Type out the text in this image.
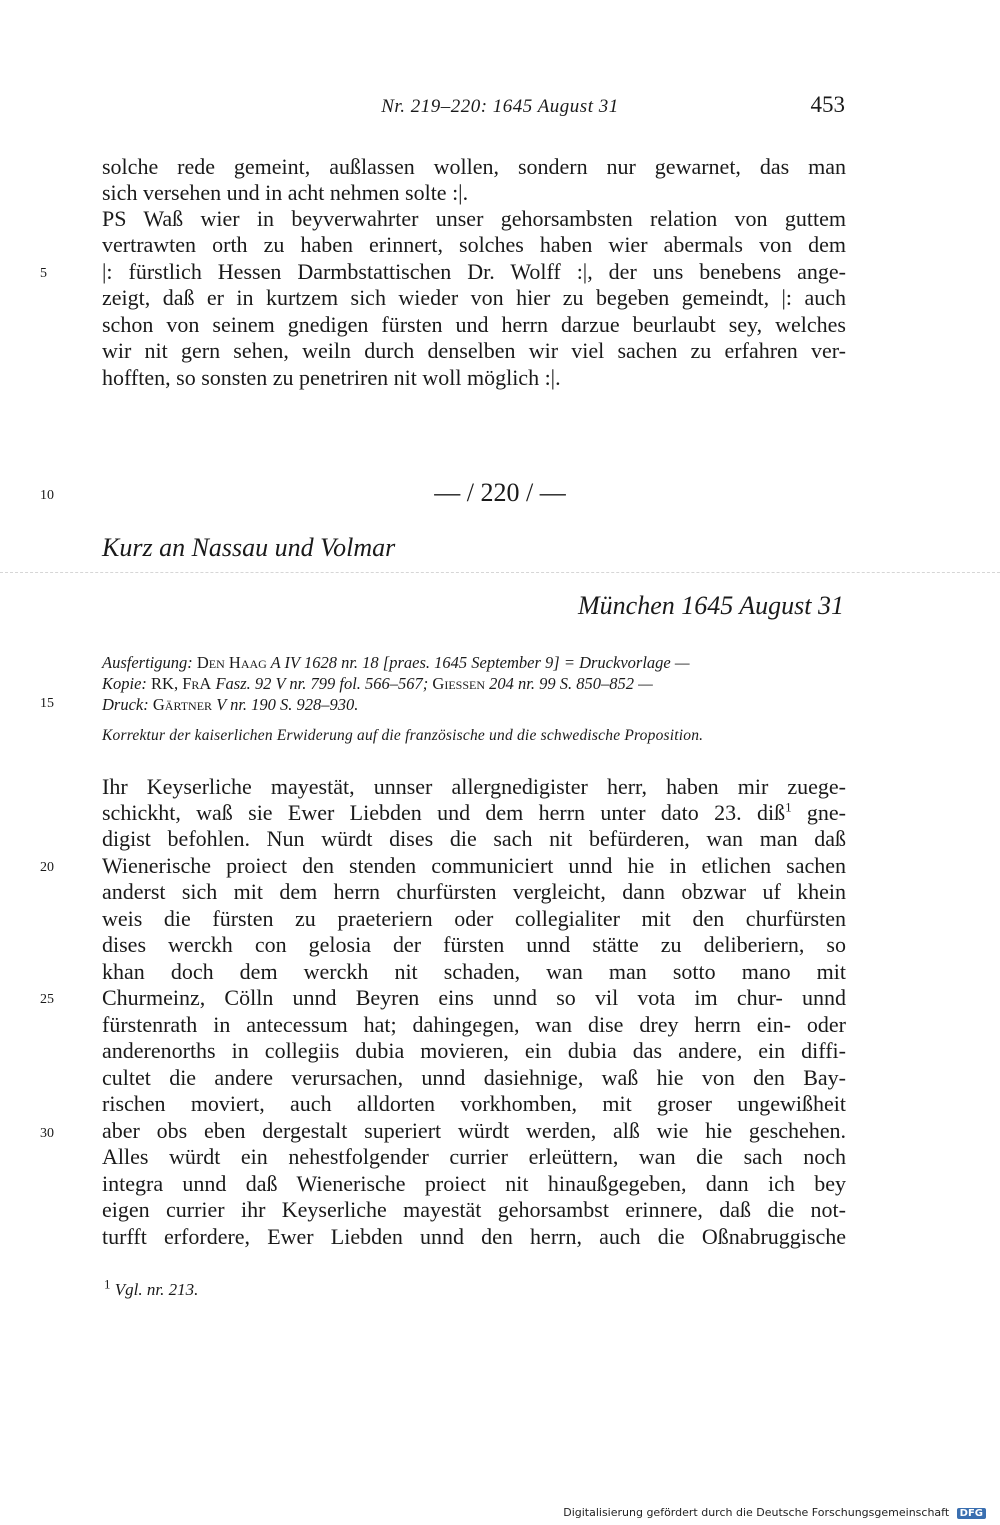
Nr. 219–220: 1645 August 31	453
solche rede gemeint, außlassen wollen, sondern nur gewarnet, das man
sich versehen und in acht nehmen solte :|.
PS Waß wier in beyverwahrter unser gehorsambsten relation von guttem
vertrawten orth zu haben erinnert, solches haben wier abermals von dem
|: fürstlich Hessen Darmbstattischen Dr. Wolff :|, der uns benebens ange-
zeigt, daß er in kurtzem sich wieder von hier zu begeben gemeindt, |: auch
schon von seinem gnedigen fürsten und herrn darzue beurlaubt sey, welches
wir nit gern sehen, weiln durch denselben wir viel sachen zu erfahren ver-
hofften, so sonsten zu penetriren nit woll möglich :|.
5
10
15
20
25
30
— / 220 / —
Kurz an Nassau und Volmar
München 1645 August 31
Ausfertigung: Den Haag A IV 1628 nr. 18 [praes. 1645 September 9] = Druckvorlage —
Kopie: RK, FrA Fasz. 92 V nr. 799 fol. 566–567; Giessen 204 nr. 99 S. 850–852 —
Druck: Gärtner V nr. 190 S. 928–930.
Korrektur der kaiserlichen Erwiderung auf die französische und die schwedische Proposition.
Ihr Keyserliche mayestät, unnser allergnedigister herr, haben mir zuege-
schickht, waß sie Ewer Liebden und dem herrn unter dato 23. diß$^1$ gne-
digist befohlen. Nun würdt dises die sach nit befürderen, wan man daß
Wienerische proiect den stenden communiciert unnd hie in etlichen sachen
anderst sich mit dem herrn churfürsten vergleicht, dann obzwar uf khein
weis die fürsten zu praeteriern oder collegialiter mit den churfürsten
dises werckh con gelosia der fürsten unnd stätte zu deliberiern, so
khan doch dem werckh nit schaden, wan man sotto mano mit
Churmeinz, Cölln unnd Beyren eins unnd so vil vota im chur- unnd
fürstenrath in antecessum hat; dahingegen, wan dise drey herrn ein- oder
anderenorths in collegiis dubia movieren, ein dubia das andere, ein diffi-
cultet die andere verursachen, unnd dasiehnige, waß hie von den Bay-
rischen moviert, auch alldorten vorkhomben, mit groser ungewißheit
aber obs eben dergestalt superiert würdt werden, alß wie hie geschehen.
Alles würdt ein nehestfolgender currier erleüttern, wan die sach noch
integra unnd daß Wienerische proiect nit hinaußgegeben, dann ich bey
eigen currier ihr Keyserliche mayestät gehorsambst erinnere, daß die not-
turfft erfordere, Ewer Liebden unnd den herrn, auch die Oßnabruggische
$^1$ Vgl. nr. 213.
Digitalisierung gefördert durch die Deutsche Forschungsgemeinschaft DFG
